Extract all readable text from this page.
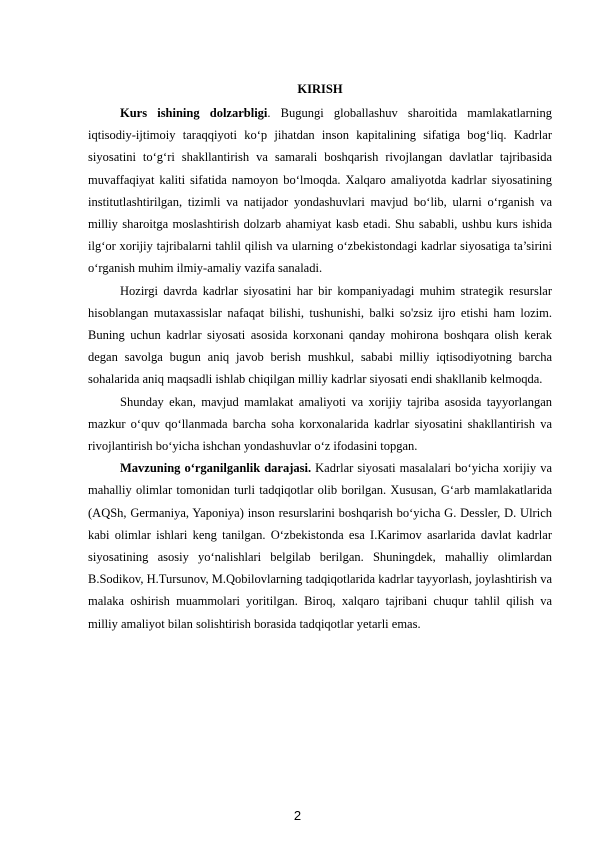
KIRISH

Kurs ishining dolzarbligi. Bugungi globallashuv sharoitida mamlakatlarning iqtisodiy-ijtimoiy taraqqiyoti ko‘p jihatdan inson kapitalining sifatiga bog‘liq. Kadrlar siyosatini to‘g‘ri shakllantirish va samarali boshqarish rivojlangan davlatlar tajribasida muvaffaqiyat kaliti sifatida namoyon bo‘lmoqda. Xalqaro amaliyotda kadrlar siyosatining institutlashtirilgan, tizimli va natijador yondashuvlari mavjud bo‘lib, ularni o‘rganish va milliy sharoitga moslashtirish dolzarb ahamiyat kasb etadi. Shu sababli, ushbu kurs ishida ilg‘or xorijiy tajribalarni tahlil qilish va ularning o‘zbekistondagi kadrlar siyosatiga ta’sirini o‘rganish muhim ilmiy-amaliy vazifa sanaladi.

Hozirgi davrda kadrlar siyosatini har bir kompaniyadagi muhim strategik resurslar hisoblangan mutaxassislar nafaqat bilishi, tushunishi, balki so'zsiz ijro etishi ham lozim. Buning uchun kadrlar siyosati asosida korxonani qanday mohirona boshqara olish kerak degan savolga bugun aniq javob berish mushkul, sababi milliy iqtisodiyotning barcha sohalarida aniq maqsadli ishlab chiqilgan milliy kadrlar siyosati endi shakllanib kelmoqda.

Shunday ekan, mavjud mamlakat amaliyoti va xorijiy tajriba asosida tayyorlangan mazkur o‘quv qo‘llanmada barcha soha korxonalarida kadrlar siyosatini shakllantirish va rivojlantirish bo‘yicha ishchan yondashuvlar o‘z ifodasini topgan.

Mavzuning o‘rganilganlik darajasi. Kadrlar siyosati masalalari bo‘yicha xorijiy va mahalliy olimlar tomonidan turli tadqiqotlar olib borilgan. Xususan, G‘arb mamlakatlarida (AQSh, Germaniya, Yaponiya) inson resurslarini boshqarish bo‘yicha G. Dessler, D. Ulrich kabi olimlar ishlari keng tanilgan. O‘zbekistonda esa I.Karimov asarlarida davlat kadrlar siyosatining asosiy yo‘nalishlari belgilab berilgan. Shuningdek, mahalliy olimlardan B.Sodikov, H.Tursunov, M.Qobilovlarning tadqiqotlarida kadrlar tayyorlash, joylashtirish va malaka oshirish muammolari yoritilgan. Biroq, xalqaro tajribani chuqur tahlil qilish va milliy amaliyot bilan solishtirish borasida tadqiqotlar yetarli emas.

2
